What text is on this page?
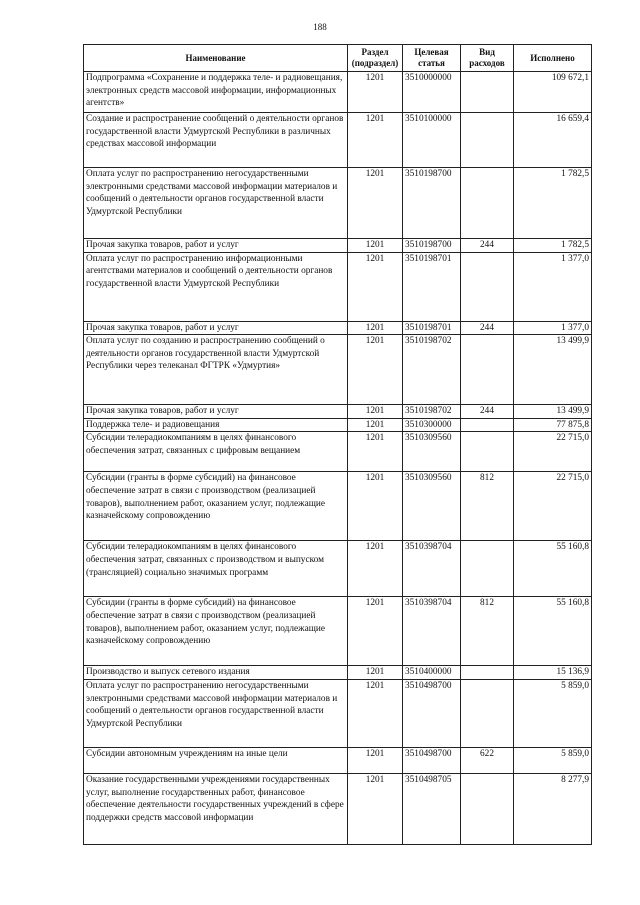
188
Наименование	Раздел (подраздел)	Целевая статья	Вид расходов	Исполнено
Подпрограмма «Сохранение и поддержка теле- и радиовещания, электронных средств массовой информации, информационных агентств»	1201	3510000000		109 672,1
Создание и распространение сообщений о деятельности органов государственной власти Удмуртской Республики в различных средствах массовой информации	1201	3510100000		16 659,4
Оплата услуг по распространению негосударственными электронными средствами массовой информации материалов и сообщений о деятельности органов государственной власти Удмуртской Республики	1201	3510198700		1 782,5
Прочая закупка товаров, работ и услуг	1201	3510198700	244	1 782,5
Оплата услуг по распространению информационными агентствами материалов и сообщений о деятельности органов государственной власти Удмуртской Республики	1201	3510198701		1 377,0
Прочая закупка товаров, работ и услуг	1201	3510198701	244	1 377,0
Оплата услуг по созданию и распространению сообщений о деятельности органов государственной власти Удмуртской Республики через телеканал ФГТРК «Удмуртия»	1201	3510198702		13 499,9
Прочая закупка товаров, работ и услуг	1201	3510198702	244	13 499,9
Поддержка теле- и радиовещания	1201	3510300000		77 875,8
Субсидии телерадиокомпаниям в целях финансового обеспечения затрат, связанных с цифровым вещанием	1201	3510309560		22 715,0
Субсидии (гранты в форме субсидий) на финансовое обеспечение затрат в связи с производством (реализацией товаров), выполнением работ, оказанием услуг, подлежащие казначейскому сопровождению	1201	3510309560	812	22 715,0
Субсидии телерадиокомпаниям в целях финансового обеспечения затрат, связанных с производством и выпуском (трансляцией) социально значимых программ	1201	3510398704		55 160,8
Субсидии (гранты в форме субсидий) на финансовое обеспечение затрат в связи с производством (реализацией товаров), выполнением работ, оказанием услуг, подлежащие казначейскому сопровождению	1201	3510398704	812	55 160,8
Производство и выпуск сетевого издания	1201	3510400000		15 136,9
Оплата услуг по распространению негосударственными электронными средствами массовой информации материалов и сообщений о деятельности органов государственной власти Удмуртской Республики	1201	3510498700		5 859,0
Субсидии автономным учреждениям на иные цели	1201	3510498700	622	5 859,0
Оказание государственными учреждениями государственных услуг, выполнение государственных работ, финансовое обеспечение деятельности государственных учреждений в сфере поддержки средств массовой информации	1201	3510498705		8 277,9
